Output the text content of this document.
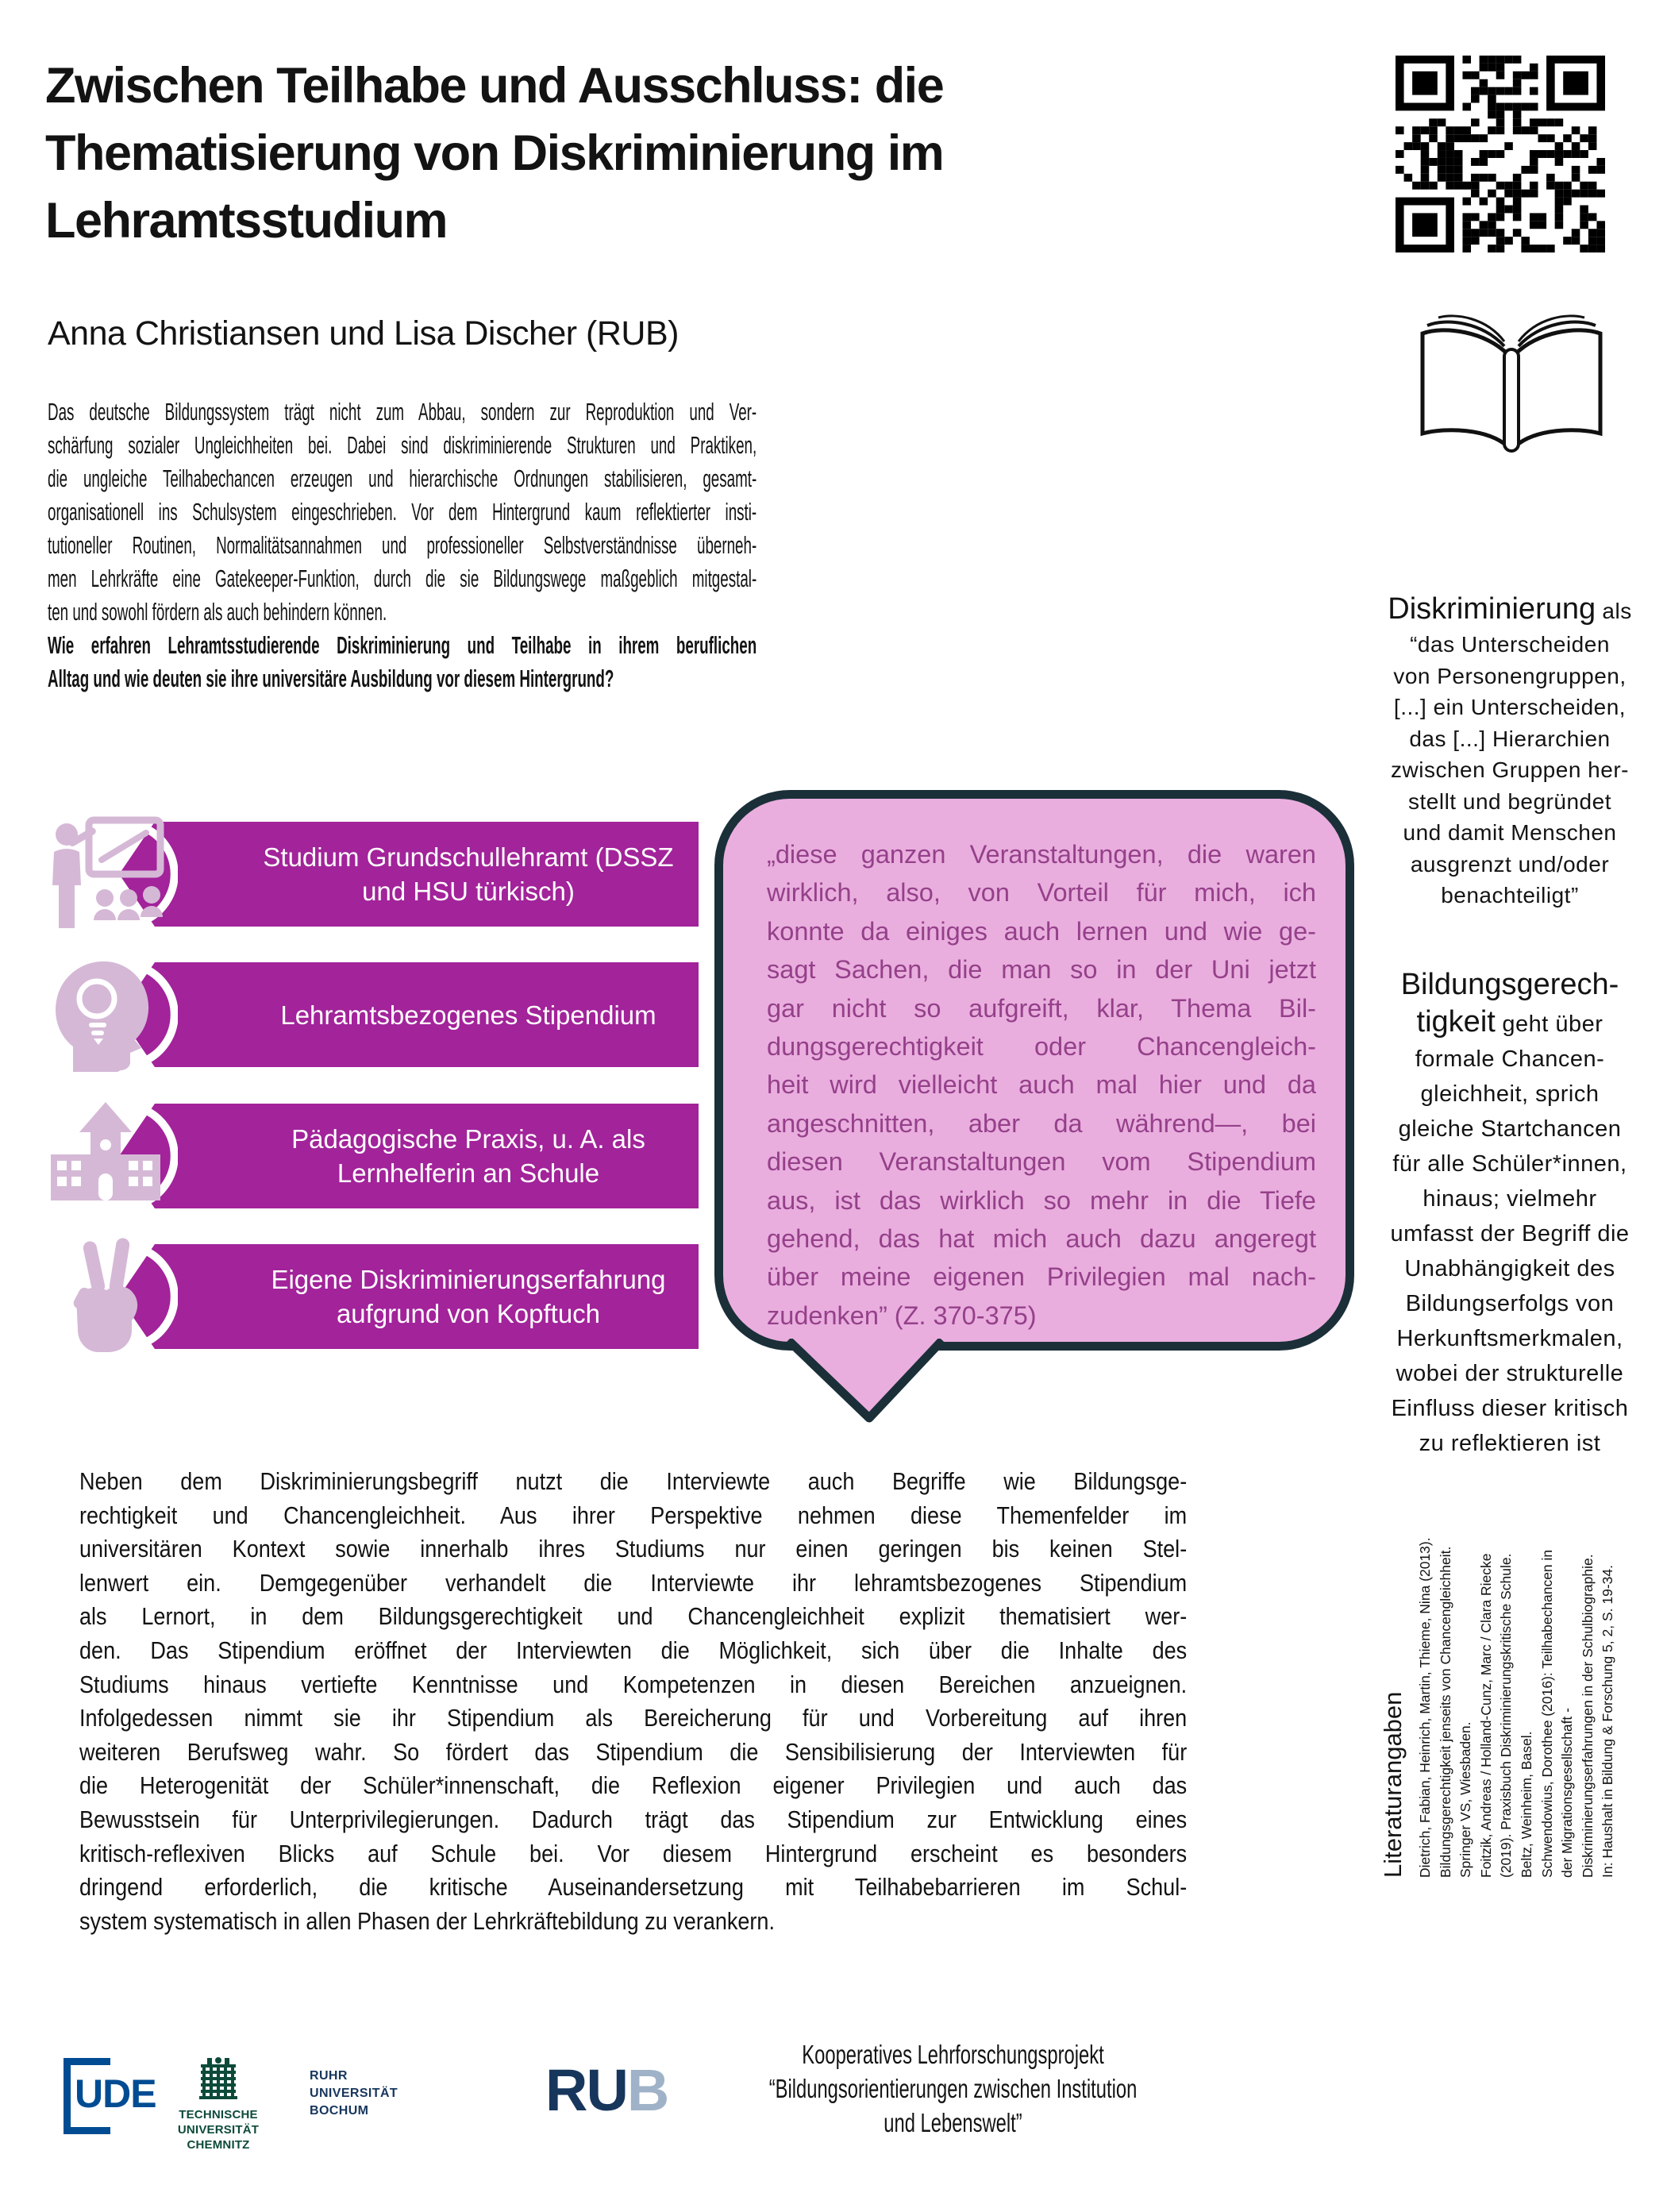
Zwischen Teilhabe und Ausschluss: die
Thematisierung von Diskriminierung im
Lehramtsstudium
Anna Christiansen und Lisa Discher (RUB)
Das deutsche Bildungssystem trägt nicht zum Abbau, sondern zur Reproduktion und Ver-
schärfung sozialer Ungleichheiten bei. Dabei sind diskriminierende Strukturen und Praktiken,
die ungleiche Teilhabechancen erzeugen und hierarchische Ordnungen stabilisieren, gesamt-
organisationell ins Schulsystem eingeschrieben. Vor dem Hintergrund kaum reflektierter insti-
tutioneller Routinen, Normalitätsannahmen und professioneller Selbstverständnisse überneh-
men Lehrkräfte eine Gatekeeper-Funktion, durch die sie Bildungswege maßgeblich mitgestal-
ten und sowohl fördern als auch behindern können.
Wie erfahren Lehramtsstudierende Diskriminierung und Teilhabe in ihrem beruflichen
Alltag und wie deuten sie ihre universitäre Ausbildung vor diesem Hintergrund?
Studium Grundschullehramt (DSSZ
und HSU türkisch)
Lehramtsbezogenes Stipendium
Pädagogische Praxis, u. A. als
Lernhelferin an Schule
Eigene Diskriminierungserfahrung
aufgrund von Kopftuch
„diese ganzen Veranstaltungen, die waren
wirklich, also, von Vorteil für mich, ich
konnte da einiges auch lernen und wie ge-
sagt Sachen, die man so in der Uni jetzt
gar nicht so aufgreift, klar, Thema Bil-
dungsgerechtigkeit oder Chancengleich-
heit wird vielleicht auch mal hier und da
angeschnitten, aber da während—, bei
diesen Veranstaltungen vom Stipendium
aus, ist das wirklich so mehr in die Tiefe
gehend, das hat mich auch dazu angeregt
über meine eigenen Privilegien mal nach-
zudenken” (Z. 370-375)
Diskriminierung als
“das Unterscheiden
von Personengruppen,
[...] ein Unterscheiden,
das [...] Hierarchien
zwischen Gruppen her-
stellt und begründet
und damit Menschen
ausgrenzt und/oder
benachteiligt”
Bildungsgerech-
tigkeit geht über
formale Chancen-
gleichheit, sprich
gleiche Startchancen
für alle Schüler*innen,
hinaus; vielmehr
umfasst der Begriff die
Unabhängigkeit des
Bildungserfolgs von
Herkunftsmerkmalen,
wobei der strukturelle
Einfluss dieser kritisch
zu reflektieren ist
Neben dem Diskriminierungsbegriff nutzt die Interviewte auch Begriffe wie Bildungsge-
rechtigkeit und Chancengleichheit. Aus ihrer Perspektive nehmen diese Themenfelder im
universitären Kontext sowie innerhalb ihres Studiums nur einen geringen bis keinen Stel-
lenwert ein. Demgegenüber verhandelt die Interviewte ihr lehramtsbezogenes Stipendium
als Lernort, in dem Bildungsgerechtigkeit und Chancengleichheit explizit thematisiert wer-
den. Das Stipendium eröffnet der Interviewten die Möglichkeit, sich über die Inhalte des
Studiums hinaus vertiefte Kenntnisse und Kompetenzen in diesen Bereichen anzueignen.
Infolgedessen nimmt sie ihr Stipendium als Bereicherung für und Vorbereitung auf ihren
weiteren Berufsweg wahr. So fördert das Stipendium die Sensibilisierung der Interviewten für
die Heterogenität der Schüler*innenschaft, die Reflexion eigener Privilegien und auch das
Bewusstsein für Unterprivilegierungen. Dadurch trägt das Stipendium zur Entwicklung eines
kritisch-reflexiven Blicks auf Schule bei. Vor diesem Hintergrund erscheint es besonders
dringend erforderlich, die kritische Auseinandersetzung mit Teilhabebarrieren im Schul-
system systematisch in allen Phasen der Lehrkräftebildung zu verankern.
Literaturangaben Dietrich, Fabian, Heinrich, Martin, Thieme, Nina (2013). Bildungsgerechtigkeit jenseits von Chancengleichheit. Springer VS, Wiesbaden. Foitzik, Andreas / Holland-Cunz, Marc / Clara Riecke (2019). Praxisbuch Diskriminierungskritische Schule. Beltz, Weinheim, Basel. Schwendowius, Dorothee (2016): Teilhabechancen in der Migrationsgesellschaft - Diskriminierungserfahrungen in der Schulbiographie. In: Haushalt in Bildung & Forschung 5, 2, S. 19-34.
UDE	TECHNISCHE UNIVERSITÄT
CHEMNITZ
RUHR
UNIVERSITÄT
BOCHUM	RUB
Kooperatives Lehrforschungsprojekt
“Bildungsorientierungen zwischen Institution
und Lebenswelt”
